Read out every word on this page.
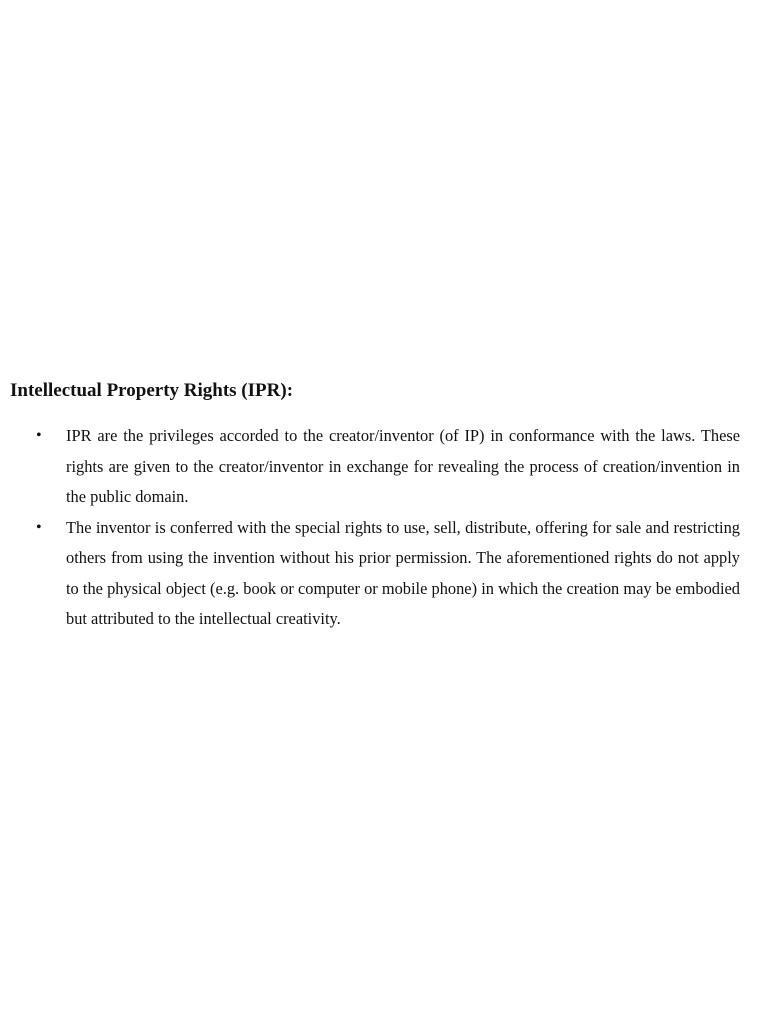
Intellectual Property Rights (IPR):
• IPR are the privileges accorded to the creator/inventor (of IP) in conformance with the laws. These rights are given to the creator/inventor in exchange for revealing the process of creation/invention in the public domain.
• The inventor is conferred with the special rights to use, sell, distribute, offering for sale and restricting others from using the invention without his prior permission. The aforementioned rights do not apply to the physical object (e.g. book or computer or mobile phone) in which the creation may be embodied but attributed to the intellectual creativity.
